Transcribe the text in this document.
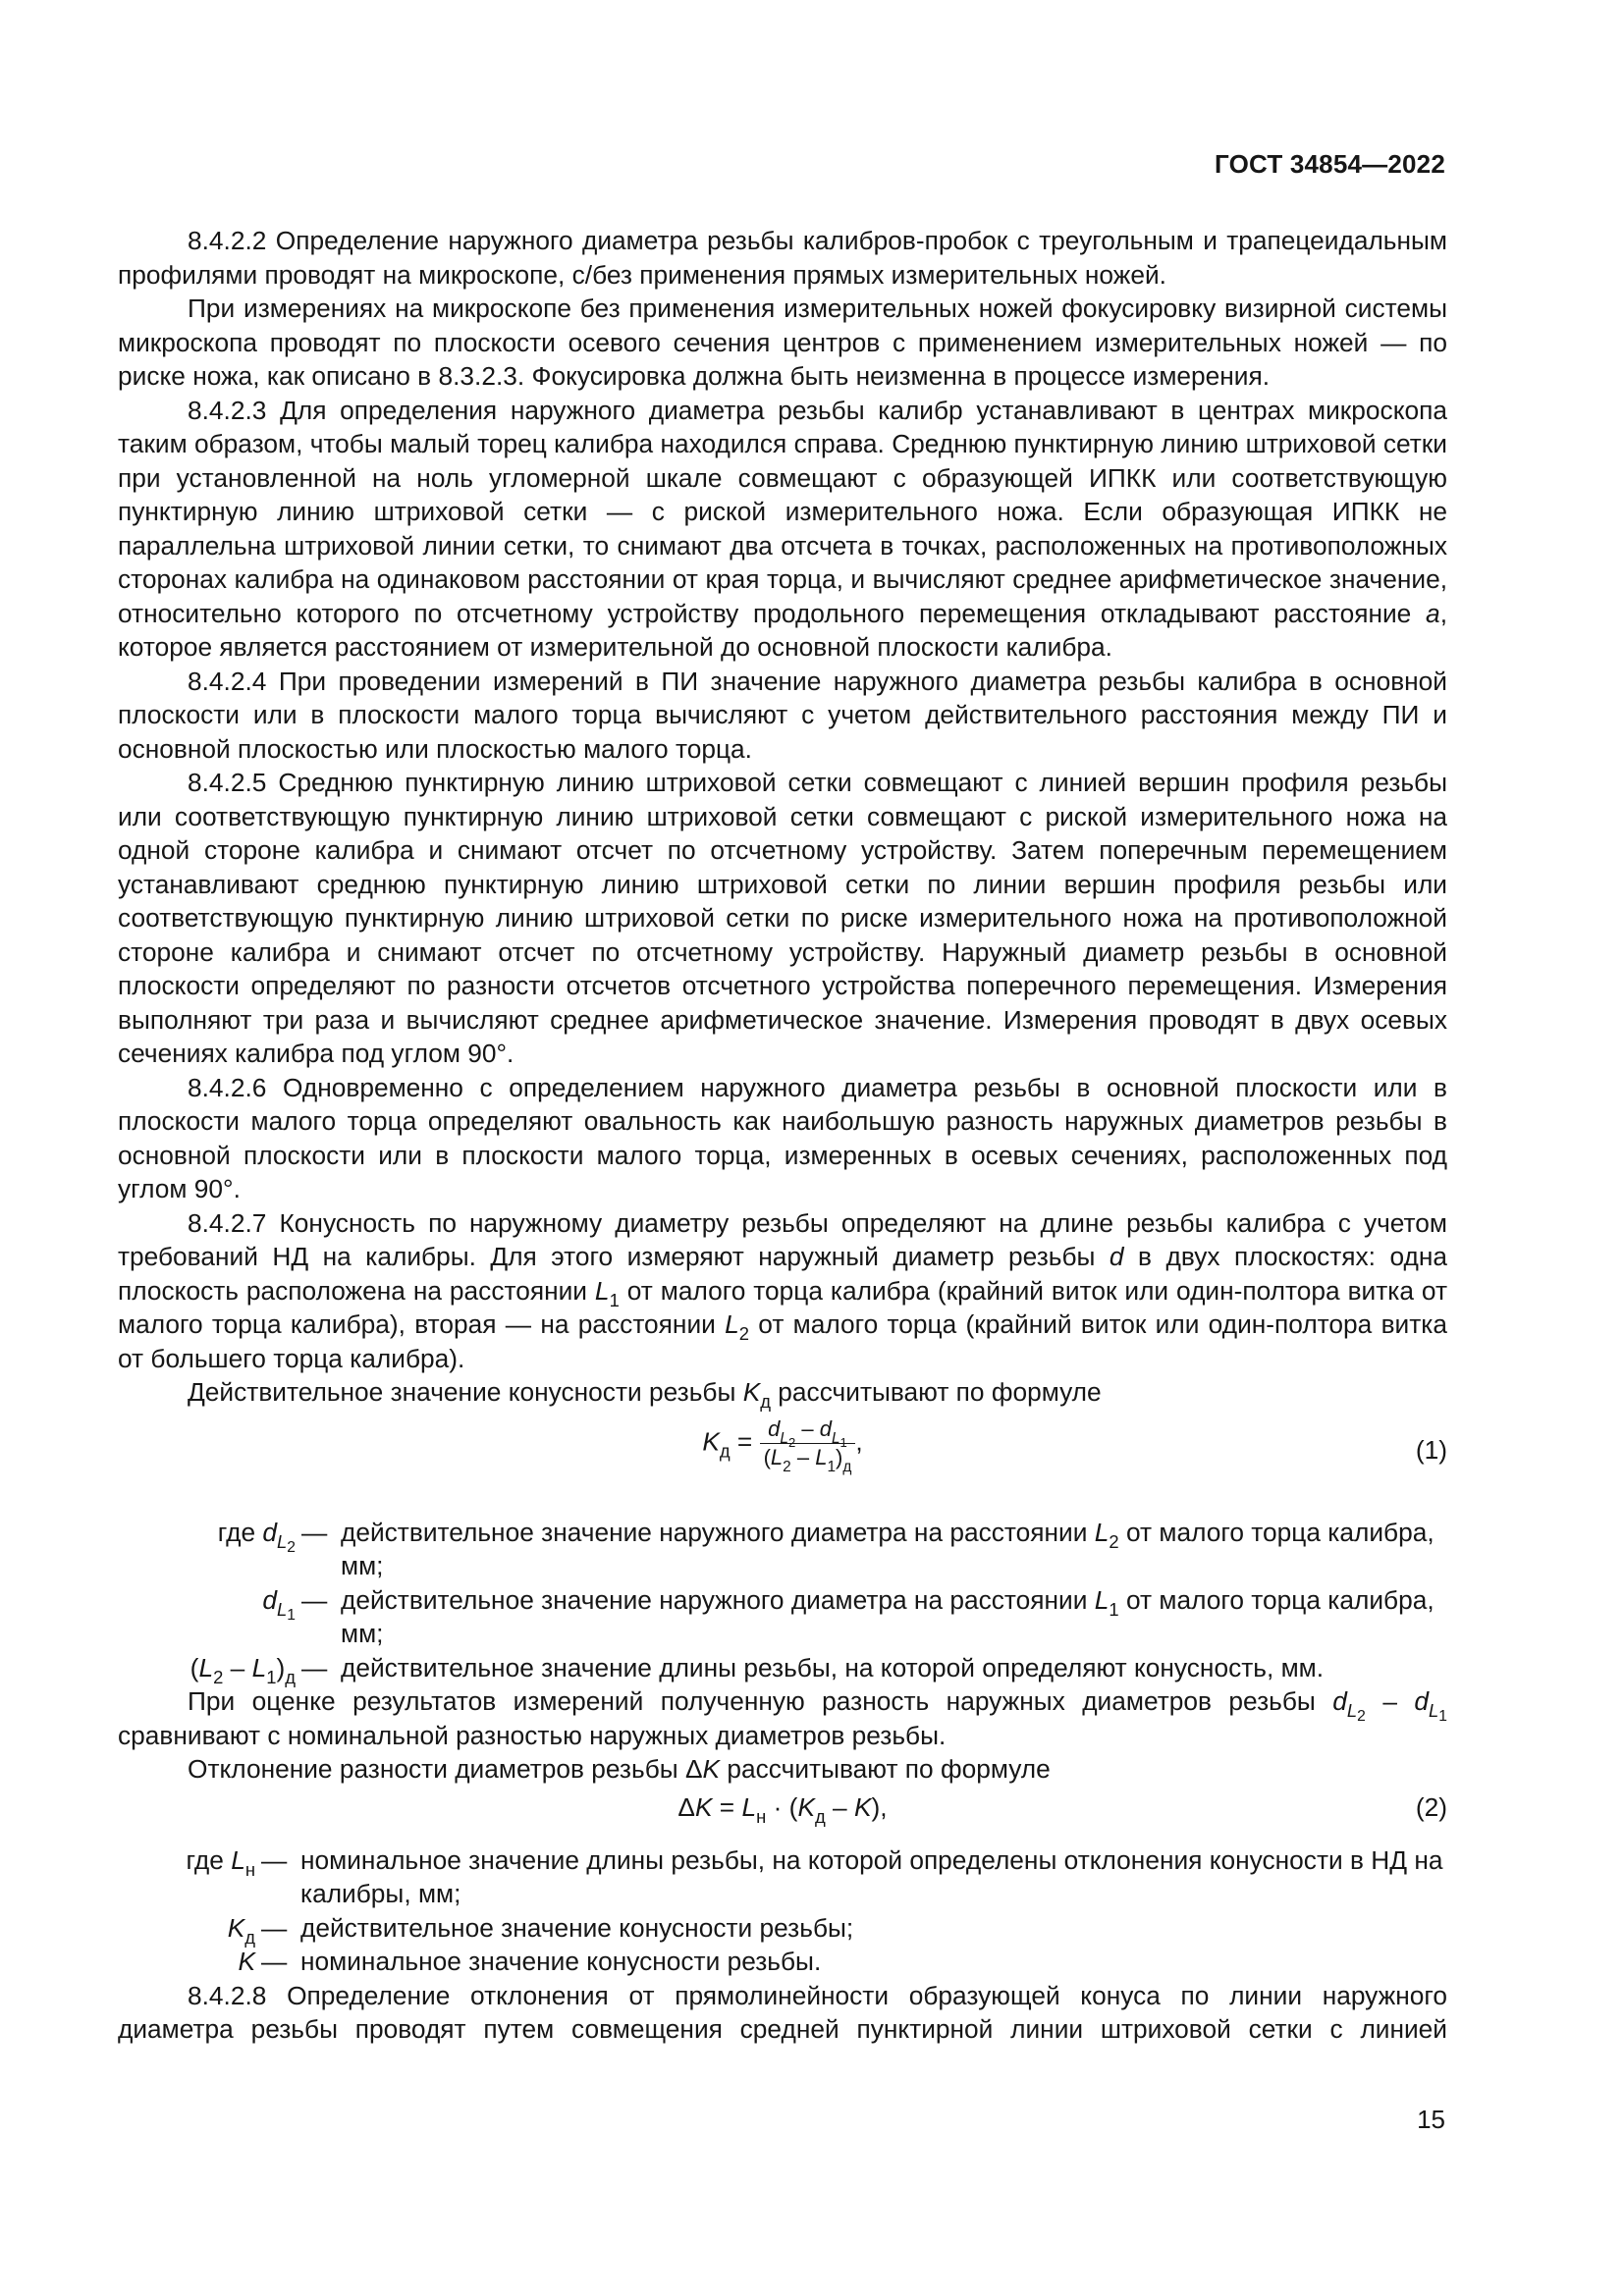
ГОСТ 34854—2022

8.4.2.2 Определение наружного диаметра резьбы калибров-пробок с треугольным и трапецеидальным профилями проводят на микроскопе, с/без применения прямых измерительных ножей.

При измерениях на микроскопе без применения измерительных ножей фокусировку визирной системы микроскопа проводят по плоскости осевого сечения центров с применением измерительных ножей — по риске ножа, как описано в 8.3.2.3. Фокусировка должна быть неизменна в процессе измерения.

8.4.2.3 Для определения наружного диаметра резьбы калибр устанавливают в центрах микроскопа таким образом, чтобы малый торец калибра находился справа. Среднюю пунктирную линию штриховой сетки при установленной на ноль угломерной шкале совмещают с образующей ИПКК или соответствующую пунктирную линию штриховой сетки — с риской измерительного ножа. Если образующая ИПКК не параллельна штриховой линии сетки, то снимают два отсчета в точках, расположенных на противоположных сторонах калибра на одинаковом расстоянии от края торца, и вычисляют среднее арифметическое значение, относительно которого по отсчетному устройству продольного перемещения откладывают расстояние a, которое является расстоянием от измерительной до основной плоскости калибра.

8.4.2.4 При проведении измерений в ПИ значение наружного диаметра резьбы калибра в основной плоскости или в плоскости малого торца вычисляют с учетом действительного расстояния между ПИ и основной плоскостью или плоскостью малого торца.

8.4.2.5 Среднюю пунктирную линию штриховой сетки совмещают с линией вершин профиля резьбы или соответствующую пунктирную линию штриховой сетки совмещают с риской измерительного ножа на одной стороне калибра и снимают отсчет по отсчетному устройству. Затем поперечным перемещением устанавливают среднюю пунктирную линию штриховой сетки по линии вершин профиля резьбы или соответствующую пунктирную линию штриховой сетки по риске измерительного ножа на противоположной стороне калибра и снимают отсчет по отсчетному устройству. Наружный диаметр резьбы в основной плоскости определяют по разности отсчетов отсчетного устройства поперечного перемещения. Измерения выполняют три раза и вычисляют среднее арифметическое значение. Измерения проводят в двух осевых сечениях калибра под углом 90°.

8.4.2.6 Одновременно с определением наружного диаметра резьбы в основной плоскости или в плоскости малого торца определяют овальность как наибольшую разность наружных диаметров резьбы в основной плоскости или в плоскости малого торца, измеренных в осевых сечениях, расположенных под углом 90°.

8.4.2.7 Конусность по наружному диаметру резьбы определяют на длине резьбы калибра с учетом требований НД на калибры. Для этого измеряют наружный диаметр резьбы d в двух плоскостях: одна плоскость расположена на расстоянии $L_1$ от малого торца калибра (крайний виток или один-полтора витка от малого торца калибра), вторая — на расстоянии $L_2$ от малого торца (крайний виток или один-полтора витка от большего торца калибра).

Действительное значение конусности резьбы $K_д$ рассчитывают по формуле

$K_д = \frac{d_{L_2} - d_{L_1}}{(L_2 - L_1)_д}$ ,	(1)
где $d_{L_2}$
— действительное значение наружного диаметра на расстоянии $L_2$ от малого торца калибра, мм;
$d_{L_1}$
— действительное значение наружного диаметра на расстоянии $L_1$ от малого торца калибра, мм;
$(L_2 - L_1)_д$ — действительное значение длины резьбы, на которой определяют конусность, мм.

При оценке результатов измерений полученную разность наружных диаметров резьбы $d_{L_2} - d_{L_1}$ сравнивают с номинальной разностью наружных диаметров резьбы.

Отклонение разности диаметров резьбы ΔK рассчитывают по формуле

$\Delta K = L_н \cdot (K_д - K)$,	(2)
где $L_н$ — номинальное значение длины резьбы, на которой определены отклонения конусности в НД на калибры, мм;
$K_д$ — действительное значение конусности резьбы;
K — номинальное значение конусности резьбы.

8.4.2.8 Определение отклонения от прямолинейности образующей конуса по линии наружного диаметра резьбы проводят путем совмещения средней пунктирной линии штриховой сетки с линией

15
